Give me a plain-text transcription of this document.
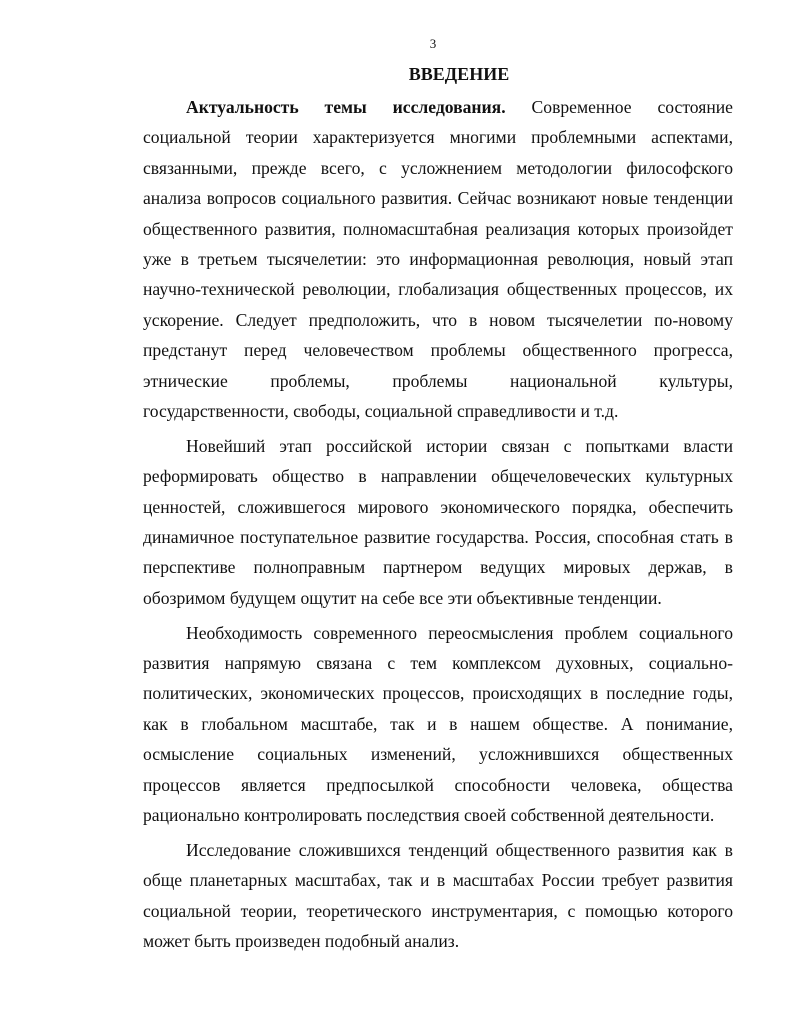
3
ВВЕДЕНИЕ
Актуальность темы исследования. Современное состояние
социальной теории характеризуется многими проблемными аспектами,
связанными, прежде всего, с усложнением методологии философского
анализа вопросов социального развития. Сейчас возникают новые тенденции
общественного развития, полномасштабная реализация которых произойдет
уже в третьем тысячелетии: это информационная революция, новый этап
научно-технической революции, глобализация общественных процессов, их
ускорение. Следует предположить, что в новом тысячелетии по-новому
предстанут перед человечеством проблемы общественного прогресса,
этнические проблемы, проблемы национальной культуры,
государственности, свободы, социальной справедливости и т.д.
Новейший этап российской истории связан с попытками власти
реформировать общество в направлении общечеловеческих культурных
ценностей, сложившегося мирового экономического порядка, обеспечить
динамичное поступательное развитие государства. Россия, способная стать в
перспективе полноправным партнером ведущих мировых держав, в
обозримом будущем ощутит на себе все эти объективные тенденции.
Необходимость современного переосмысления проблем социального
развития напрямую связана с тем комплексом духовных, социально-
политических, экономических процессов, происходящих в последние годы,
как в глобальном масштабе, так и в нашем обществе. А понимание,
осмысление социальных изменений, усложнившихся общественных
процессов является предпосылкой способности человека, общества
рационально контролировать последствия своей собственной деятельности.
Исследование сложившихся тенденций общественного развития как в
обще планетарных масштабах, так и в масштабах России требует развития
социальной теории, теоретического инструментария, с помощью которого
может быть произведен подобный анализ.
